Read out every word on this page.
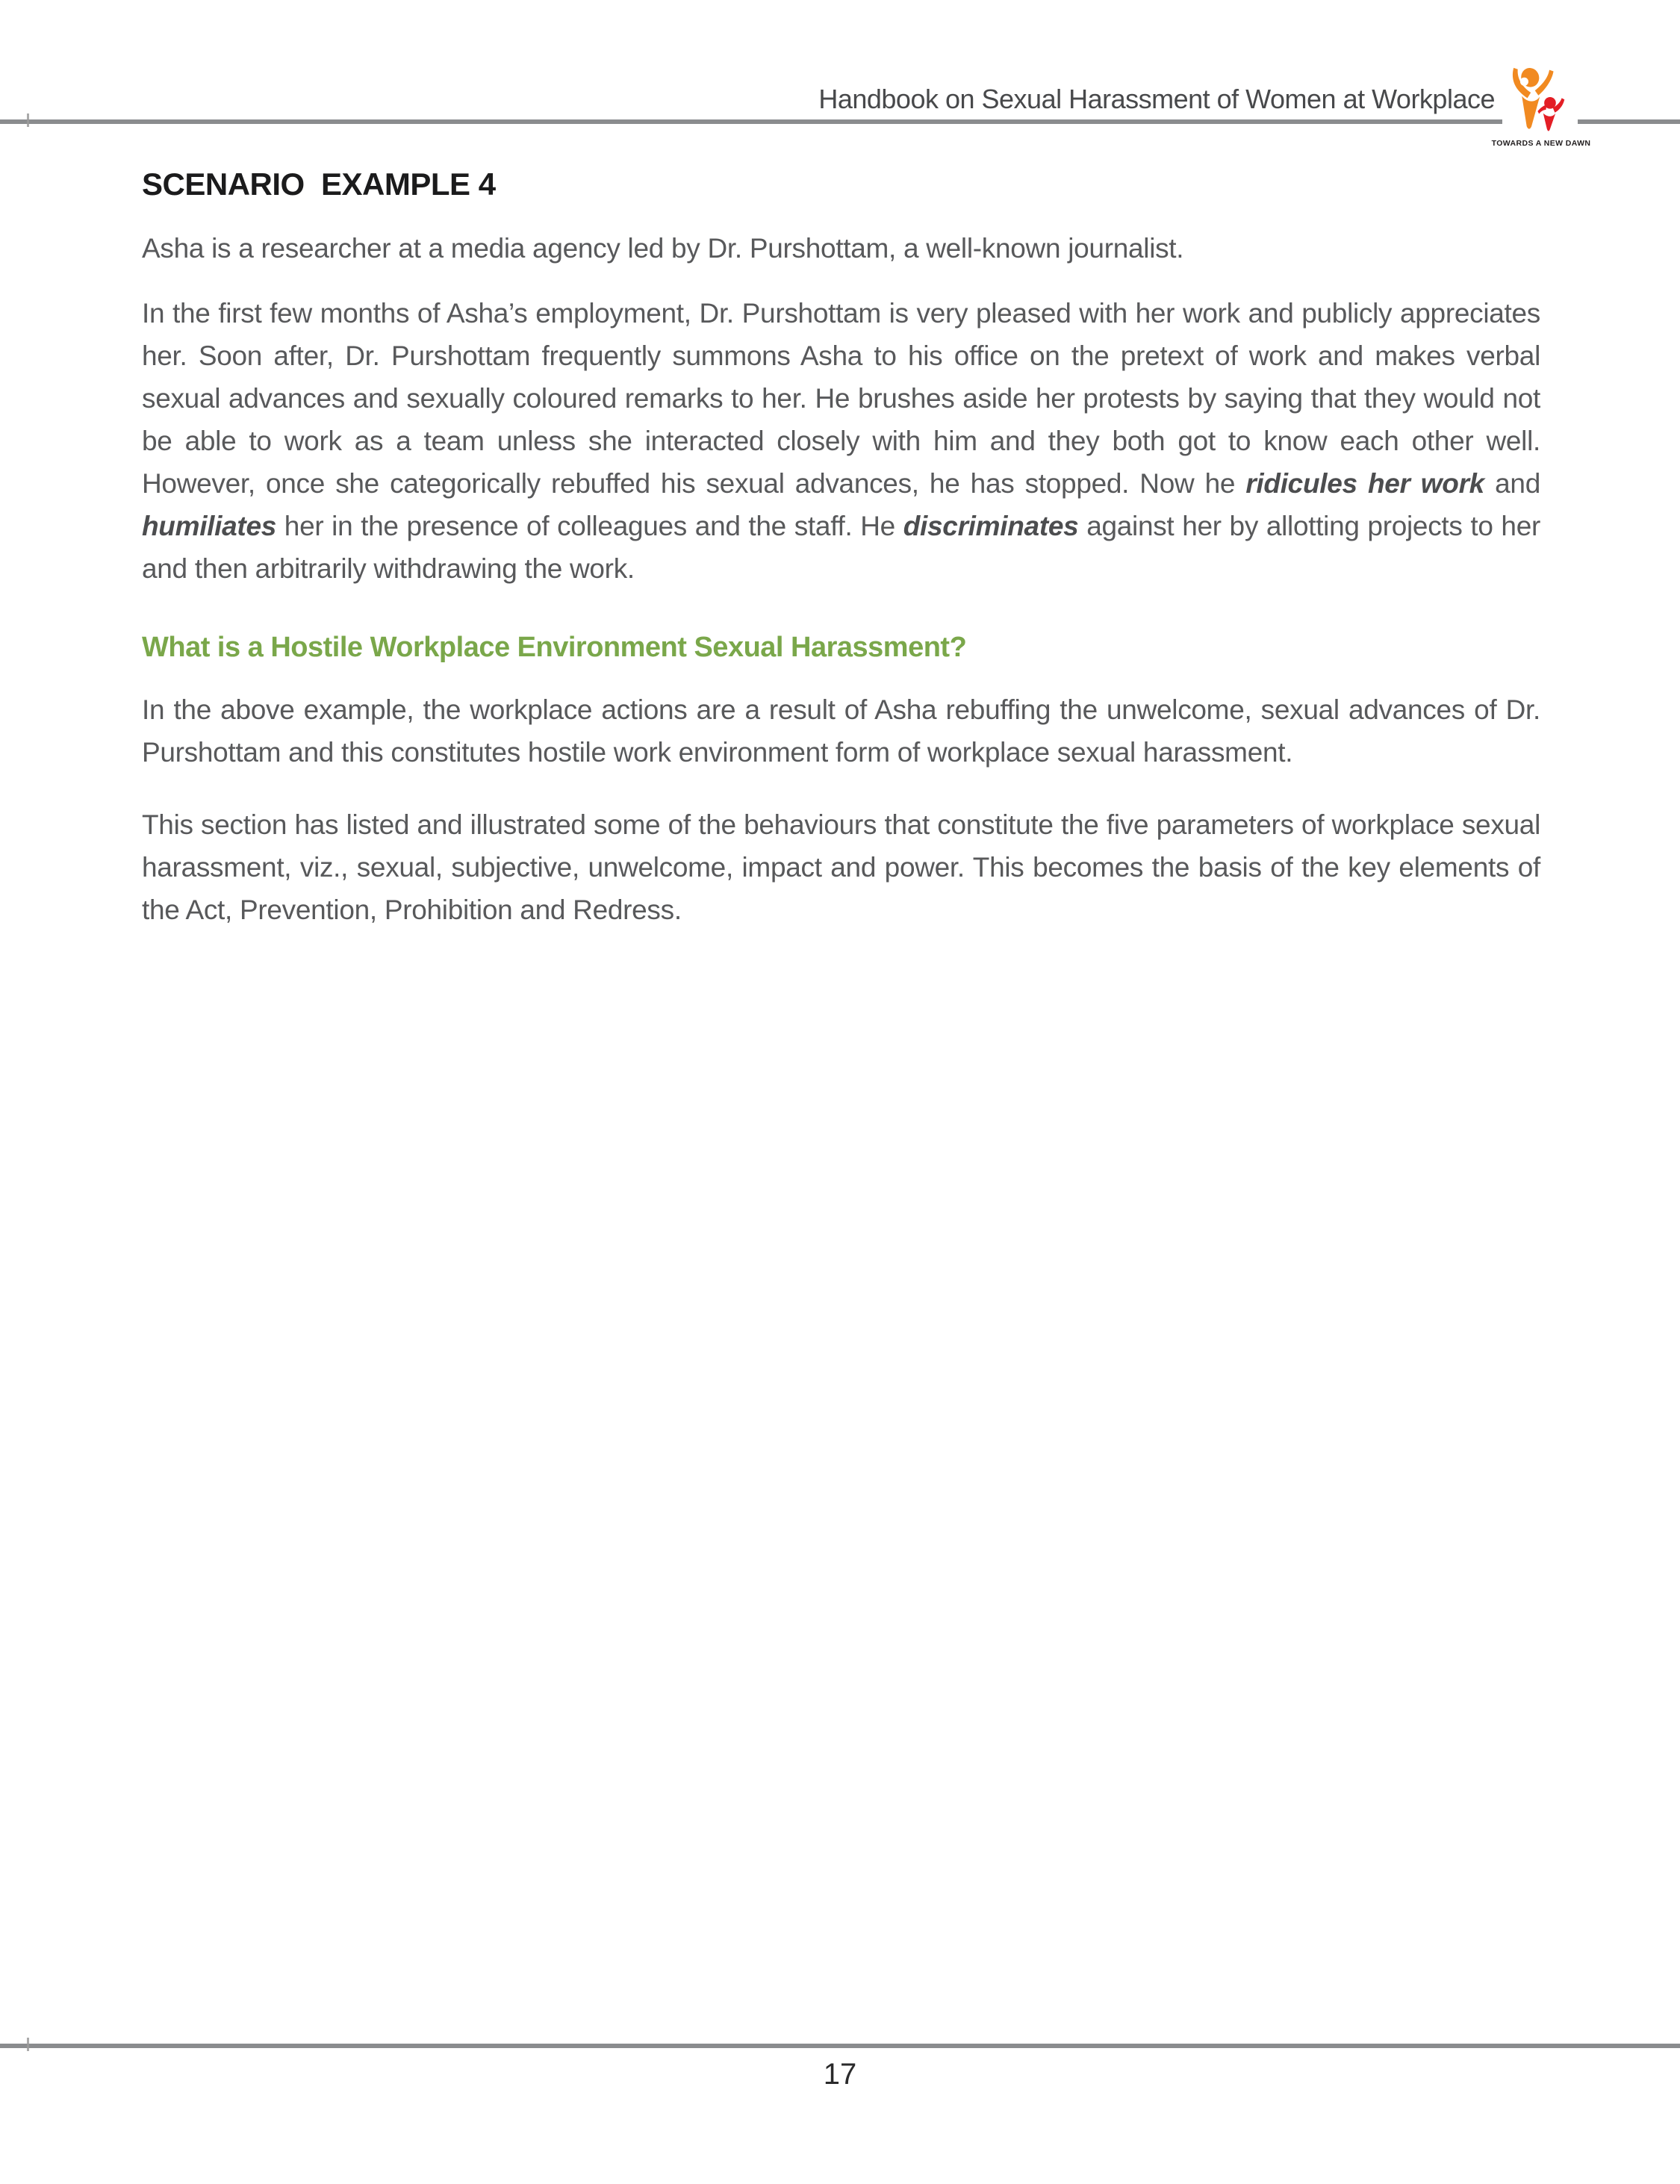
Handbook on Sexual Harassment of Women at Workplace
TOWARDS A NEW DAWN
SCENARIO  EXAMPLE 4

Asha is a researcher at a media agency led by Dr. Purshottam, a well-known journalist.

In the first few months of Asha’s employment, Dr. Purshottam is very pleased with her work and publicly appreciates her. Soon after, Dr. Purshottam frequently summons Asha to his office on the pretext of work and makes verbal sexual advances and sexually coloured remarks to her. He brushes aside her protests by saying that they would not be able to work as a team unless she interacted closely with him and they both got to know each other well. However, once she categorically rebuffed his sexual advances, he has stopped. Now he ridicules her work and humiliates her in the presence of colleagues and the staff. He discriminates against her by allotting projects to her and then arbitrarily withdrawing the work.

What is a Hostile Workplace Environment Sexual Harassment?

In the above example, the workplace actions are a result of Asha rebuffing the unwelcome, sexual advances of Dr. Purshottam and this constitutes hostile work environment form of workplace sexual harassment.

This section has listed and illustrated some of the behaviours that constitute the five parameters of workplace sexual harassment, viz., sexual, subjective, unwelcome, impact and power. This becomes the basis of the key elements of the Act, Prevention, Prohibition and Redress.

17
